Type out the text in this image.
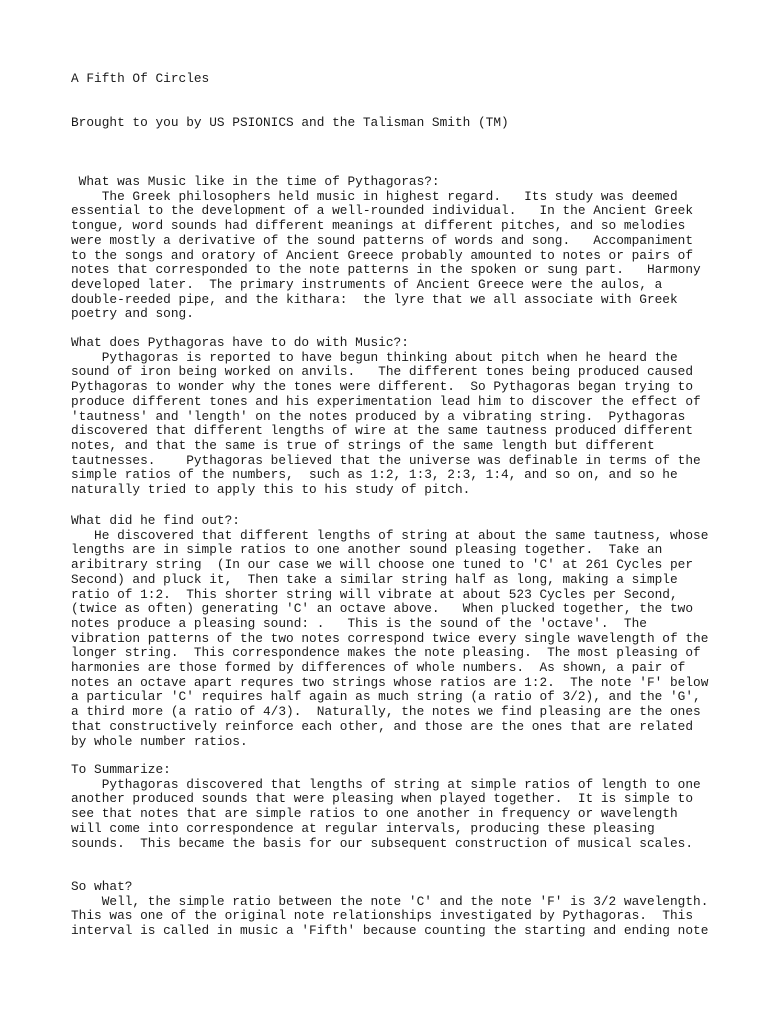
A Fifth Of Circles
Brought to you by US PSIONICS and the Talisman Smith (TM)
What was Music like in the time of Pythagoras?:
The Greek philosophers held music in highest regard.   Its study was deemed
essential to the development of a well-rounded individual.   In the Ancient Greek
tongue, word sounds had different meanings at different pitches, and so melodies
were mostly a derivative of the sound patterns of words and song.   Accompaniment
to the songs and oratory of Ancient Greece probably amounted to notes or pairs of
notes that corresponded to the note patterns in the spoken or sung part.   Harmony
developed later.  The primary instruments of Ancient Greece were the aulos, a
double-reeded pipe, and the kithara:  the lyre that we all associate with Greek
poetry and song.
What does Pythagoras have to do with Music?:
Pythagoras is reported to have begun thinking about pitch when he heard the
sound of iron being worked on anvils.   The different tones being produced caused
Pythagoras to wonder why the tones were different.  So Pythagoras began trying to
produce different tones and his experimentation lead him to discover the effect of
'tautness' and 'length' on the notes produced by a vibrating string.  Pythagoras
discovered that different lengths of wire at the same tautness produced different
notes, and that the same is true of strings of the same length but different
tautnesses.    Pythagoras believed that the universe was definable in terms of the
simple ratios of the numbers,  such as 1:2, 1:3, 2:3, 1:4, and so on, and so he
naturally tried to apply this to his study of pitch.
What did he find out?:
He discovered that different lengths of string at about the same tautness, whose
lengths are in simple ratios to one another sound pleasing together.  Take an
aribitrary string  (In our case we will choose one tuned to 'C' at 261 Cycles per
Second) and pluck it,  Then take a similar string half as long, making a simple
ratio of 1:2.  This shorter string will vibrate at about 523 Cycles per Second,
(twice as often) generating 'C' an octave above.   When plucked together, the two
notes produce a pleasing sound: .   This is the sound of the 'octave'.  The
vibration patterns of the two notes correspond twice every single wavelength of the
longer string.  This correspondence makes the note pleasing.  The most pleasing of
harmonies are those formed by differences of whole numbers.  As shown, a pair of
notes an octave apart requres two strings whose ratios are 1:2.  The note 'F' below
a particular 'C' requires half again as much string (a ratio of 3/2), and the 'G',
a third more (a ratio of 4/3).  Naturally, the notes we find pleasing are the ones
that constructively reinforce each other, and those are the ones that are related
by whole number ratios.
To Summarize:
Pythagoras discovered that lengths of string at simple ratios of length to one
another produced sounds that were pleasing when played together.  It is simple to
see that notes that are simple ratios to one another in frequency or wavelength
will come into correspondence at regular intervals, producing these pleasing
sounds.  This became the basis for our subsequent construction of musical scales.
So what?
Well, the simple ratio between the note 'C' and the note 'F' is 3/2 wavelength.
This was one of the original note relationships investigated by Pythagoras.  This
interval is called in music a 'Fifth' because counting the starting and ending note
